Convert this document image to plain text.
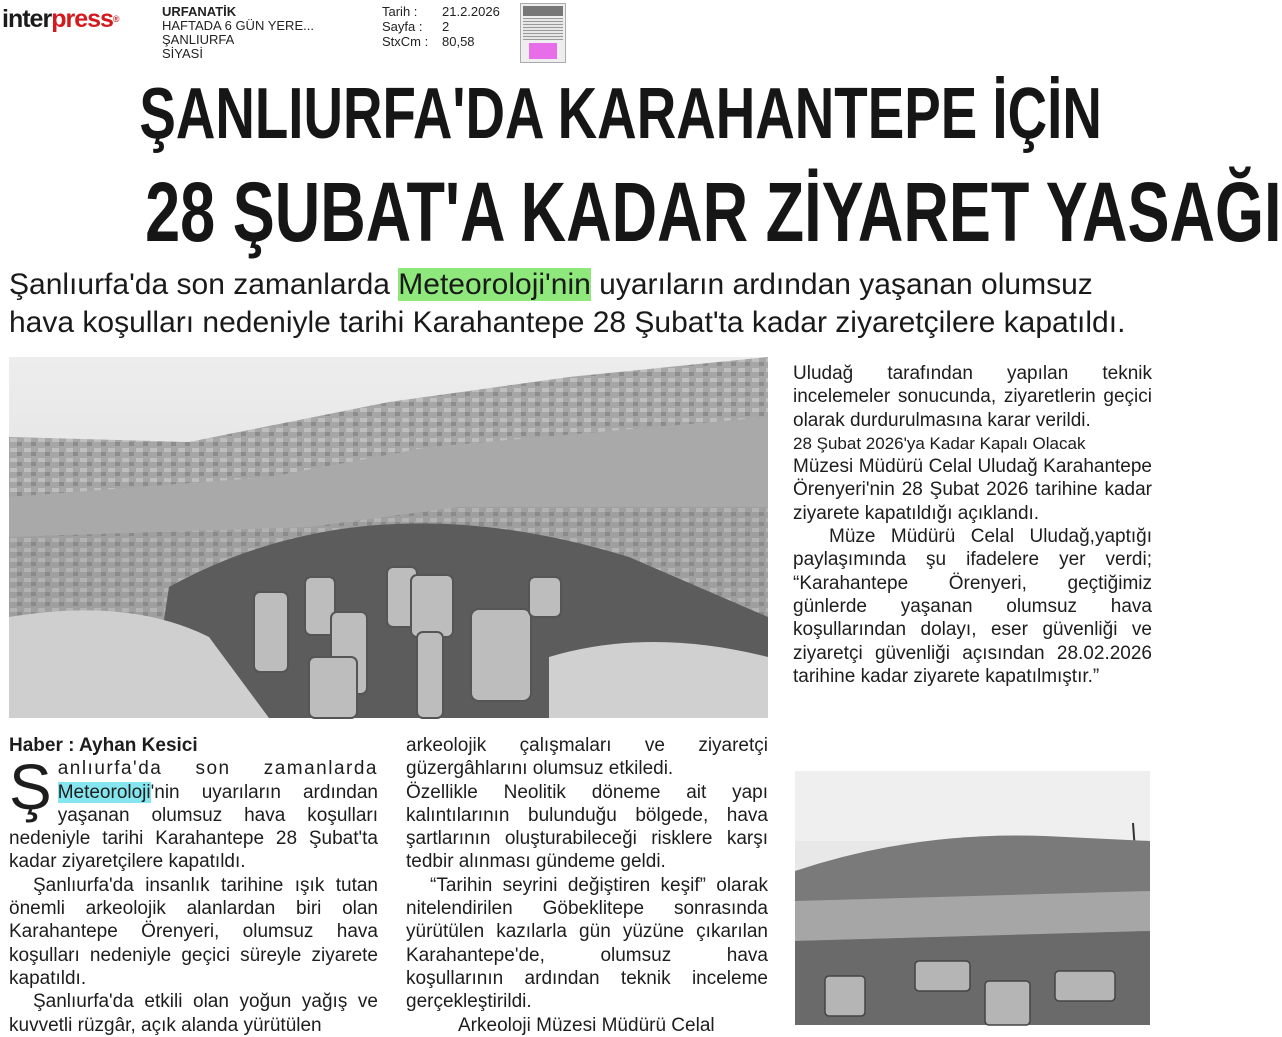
interpress®	URFANATİK
HAFTADA 6 GÜN YERE...
ŞANLIURFA
SİYASİ
Tarih :	21.2.2026
Sayfa :	2
StxCm :	80,58
ŞANLIURFA'DA KARAHANTEPE İÇİN
28 ŞUBAT'A KADAR ZİYARET YASAĞI
Şanlıurfa'da son zamanlarda Meteoroloji'nin uyarıların ardından yaşanan olumsuz
hava koşulları nedeniyle tarihi Karahantepe 28 Şubat'ta kadar ziyaretçilere kapatıldı.

Haber : Ayhan Kesici

Şanlıurfa'da son zamanlarda Meteoroloji'nin uyarıların ardından yaşanan olumsuz hava koşulları nedeniyle tarihi Karahantepe 28 Şubat'ta kadar ziyaretçilere kapatıldı.

Şanlıurfa'da insanlık tarihine ışık tutan önemli arkeolojik alanlardan biri olan Karahantepe Örenyeri, olumsuz hava koşulları nedeniyle geçici süreyle ziyarete kapatıldı.

Şanlıurfa'da etkili olan yoğun yağış ve kuvvetli rüzgâr, açık alanda yürütülen

arkeolojik çalışmaları ve ziyaretçi güzergâhlarını olumsuz etkiledi.

Özellikle Neolitik döneme ait yapı kalıntılarının bulunduğu bölgede, hava şartlarının oluşturabileceği risklere karşı tedbir alınması gündeme geldi.

“Tarihin seyrini değiştiren keşif” olarak nitelendirilen Göbeklitepe sonrasında yürütülen kazılarla gün yüzüne çıkarılan Karahantepe'de, olumsuz hava koşullarının ardından teknik inceleme gerçekleştirildi.

Arkeoloji Müzesi Müdürü Celal

Uludağ tarafından yapılan teknik incelemeler sonucunda, ziyaretlerin geçici olarak durdurulmasına karar verildi.

28 Şubat 2026'ya Kadar Kapalı Olacak

Müzesi Müdürü Celal Uludağ Karahantepe Örenyeri'nin 28 Şubat 2026 tarihine kadar ziyarete kapatıldığı açıklandı.

Müze Müdürü Celal Uludağ,yaptığı paylaşımında şu ifadelere yer verdi; “Karahantepe Örenyeri, geçtiğimiz günlerde yaşanan olumsuz hava koşullarından dolayı, eser güvenliği ve ziyaretçi güvenliği açısından 28.02.2026 tarihine kadar ziyarete kapatılmıştır.”
